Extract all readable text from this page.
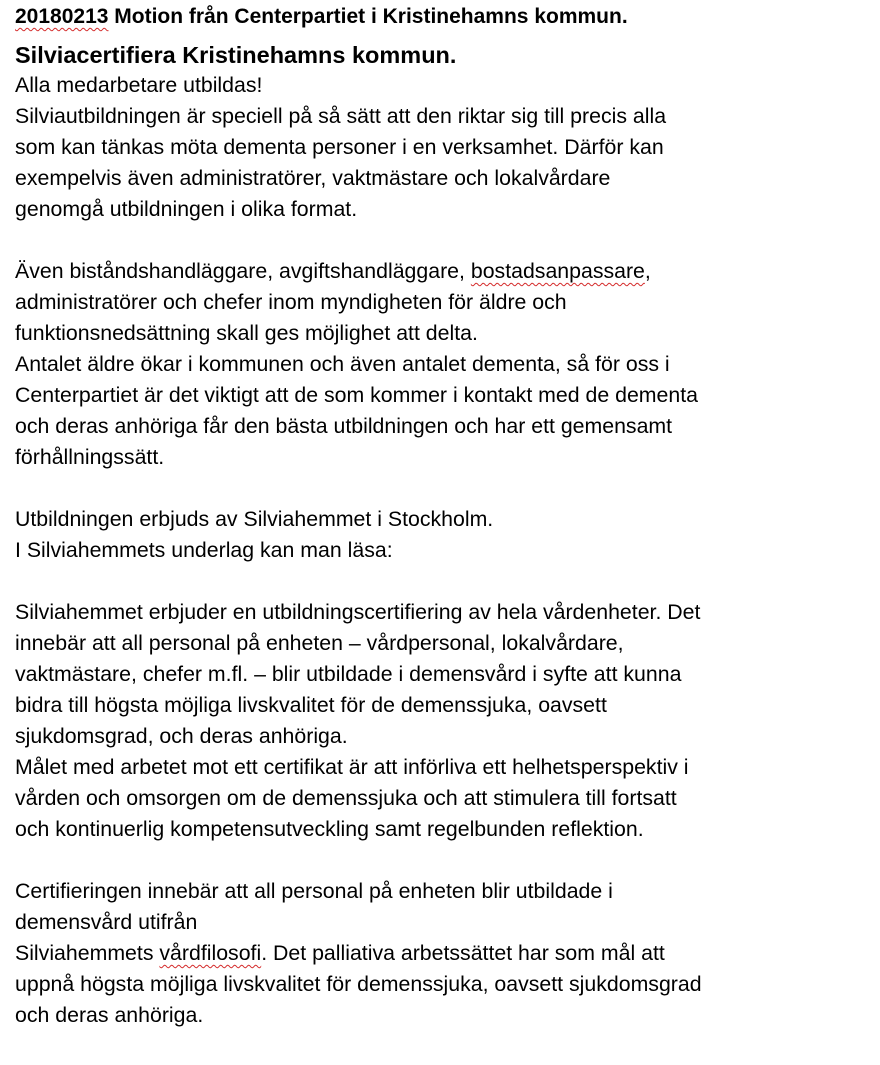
20180213 Motion från Centerpartiet i Kristinehamns kommun.
Silviacertifiera Kristinehamns kommun.
Alla medarbetare utbildas!
Silviautbildningen är speciell på så sätt att den riktar sig till precis alla
som kan tänkas möta dementa personer i en verksamhet. Därför kan
exempelvis även administratörer, vaktmästare och lokalvårdare
genomgå utbildningen i olika format.
Även biståndshandläggare, avgiftshandläggare, bostadsanpassare,
administratörer och chefer inom myndigheten för äldre och
funktionsnedsättning skall ges möjlighet att delta.
Antalet äldre ökar i kommunen och även antalet dementa, så för oss i
Centerpartiet är det viktigt att de som kommer i kontakt med de dementa
och deras anhöriga får den bästa utbildningen och har ett gemensamt
förhållningssätt.
Utbildningen erbjuds av Silviahemmet i Stockholm.
I Silviahemmets underlag kan man läsa:
Silviahemmet erbjuder en utbildningscertifiering av hela vårdenheter. Det
innebär att all personal på enheten – vårdpersonal, lokalvårdare,
vaktmästare, chefer m.fl. – blir utbildade i demensvård i syfte att kunna
bidra till högsta möjliga livskvalitet för de demenssjuka, oavsett
sjukdomsgrad, och deras anhöriga.
Målet med arbetet mot ett certifikat är att införliva ett helhetsperspektiv i
vården och omsorgen om de demenssjuka och att stimulera till fortsatt
och kontinuerlig kompetensutveckling samt regelbunden reflektion.
Certifieringen innebär att all personal på enheten blir utbildade i
demensvård utifrån
Silviahemmets vårdfilosofi. Det palliativa arbetssättet har som mål att
uppnå högsta möjliga livskvalitet för demenssjuka, oavsett sjukdomsgrad
och deras anhöriga.
